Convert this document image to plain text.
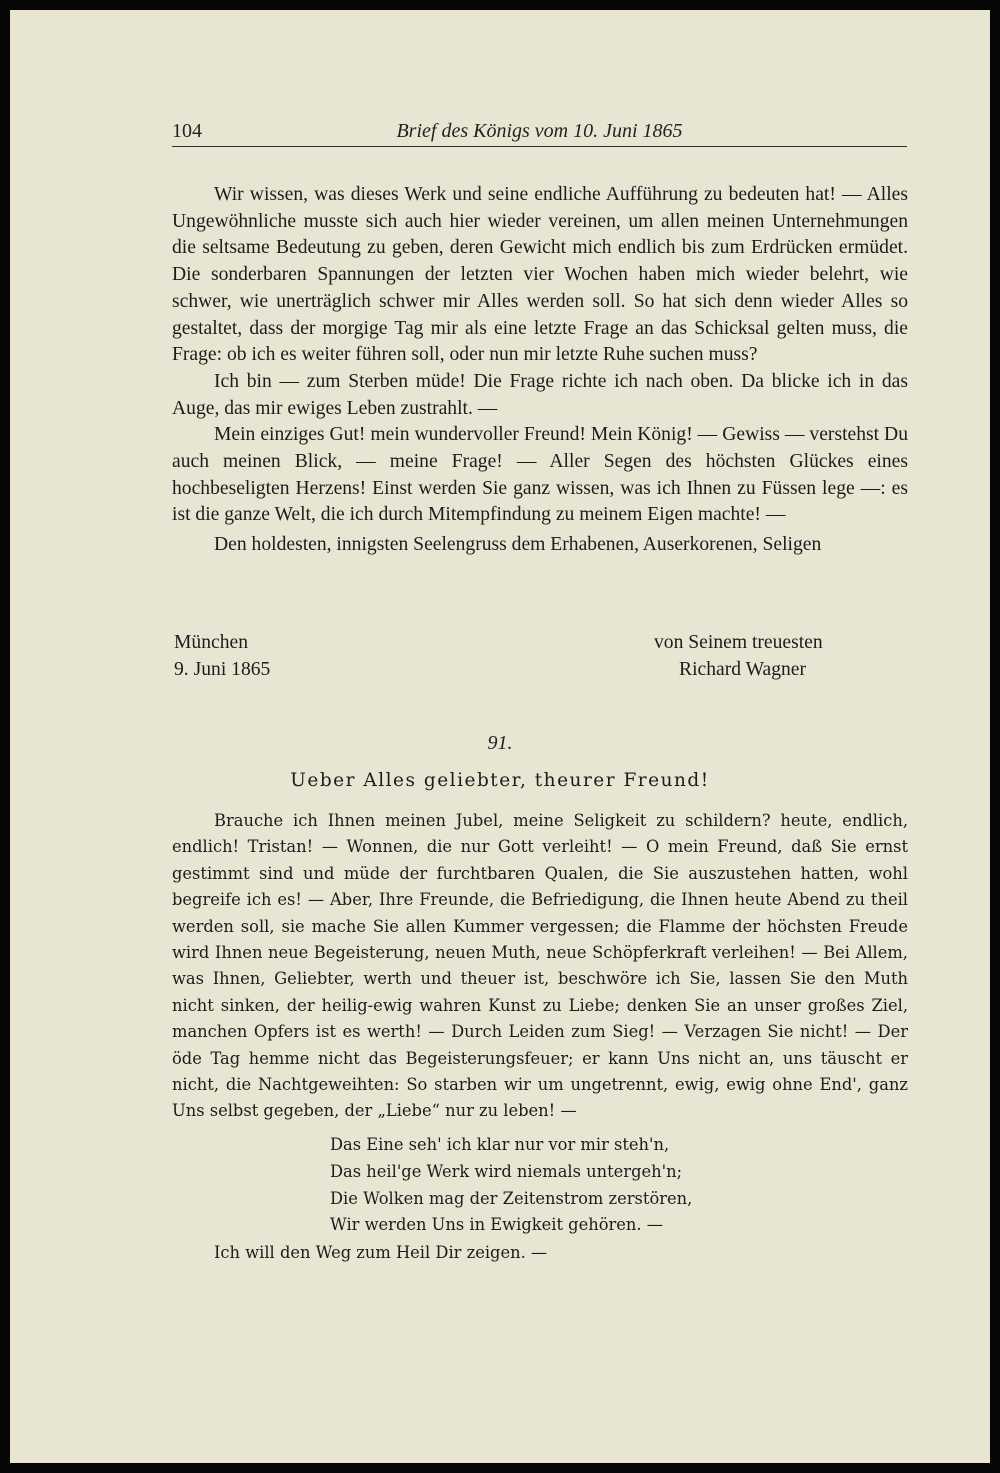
104	Brief des Königs vom 10. Juni 1865

Wir wissen, was dieses Werk und seine endliche Aufführung zu bedeuten hat! — Alles Ungewöhnliche musste sich auch hier wieder vereinen, um allen meinen Unternehmungen die seltsame Bedeutung zu geben, deren Gewicht mich endlich bis zum Erdrücken ermüdet. Die sonderbaren Spannungen der letzten vier Wochen haben mich wieder belehrt, wie schwer, wie unerträglich schwer mir Alles werden soll. So hat sich denn wieder Alles so gestaltet, dass der morgige Tag mir als eine letzte Frage an das Schicksal gelten muss, die Frage: ob ich es weiter führen soll, oder nun mir letzte Ruhe suchen muss?

Ich bin — zum Sterben müde! Die Frage richte ich nach oben. Da blicke ich in das Auge, das mir ewiges Leben zustrahlt. —

Mein einziges Gut! mein wundervoller Freund! Mein König! — Gewiss — verstehst Du auch meinen Blick, — meine Frage! — Aller Segen des höchsten Glückes eines hochbeseligten Herzens! Einst werden Sie ganz wissen, was ich Ihnen zu Füssen lege —: es ist die ganze Welt, die ich durch Mitempfindung zu meinem Eigen machte! —

Den holdesten, innigsten Seelengruss dem Erhabenen, Auserkorenen, Seligen

München
9. Juni 1865
von Seinem treuesten
Richard Wagner
91.
Ueber Alles geliebter, theurer Freund!

Brauche ich Ihnen meinen Jubel, meine Seligkeit zu schildern? heute, endlich, endlich! Tristan! — Wonnen, die nur Gott verleiht! — O mein Freund, daß Sie ernst gestimmt sind und müde der furchtbaren Qualen, die Sie auszustehen hatten, wohl begreife ich es! — Aber, Ihre Freunde, die Befriedigung, die Ihnen heute Abend zu theil werden soll, sie mache Sie allen Kummer vergessen; die Flamme der höchsten Freude wird Ihnen neue Begeisterung, neuen Muth, neue Schöpferkraft verleihen! — Bei Allem, was Ihnen, Geliebter, werth und theuer ist, beschwöre ich Sie, lassen Sie den Muth nicht sinken, der heilig-ewig wahren Kunst zu Liebe; denken Sie an unser großes Ziel, manchen Opfers ist es werth! — Durch Leiden zum Sieg! — Verzagen Sie nicht! — Der öde Tag hemme nicht das Begeisterungsfeuer; er kann Uns nicht an, uns täuscht er nicht, die Nachtgeweihten: So starben wir um ungetrennt, ewig, ewig ohne End', ganz Uns selbst gegeben, der „Liebe“ nur zu leben! —

Das Eine seh' ich klar nur vor mir steh'n,
Das heil'ge Werk wird niemals untergeh'n;
Die Wolken mag der Zeitenstrom zerstören,
Wir werden Uns in Ewigkeit gehören. —
Ich will den Weg zum Heil Dir zeigen. —
